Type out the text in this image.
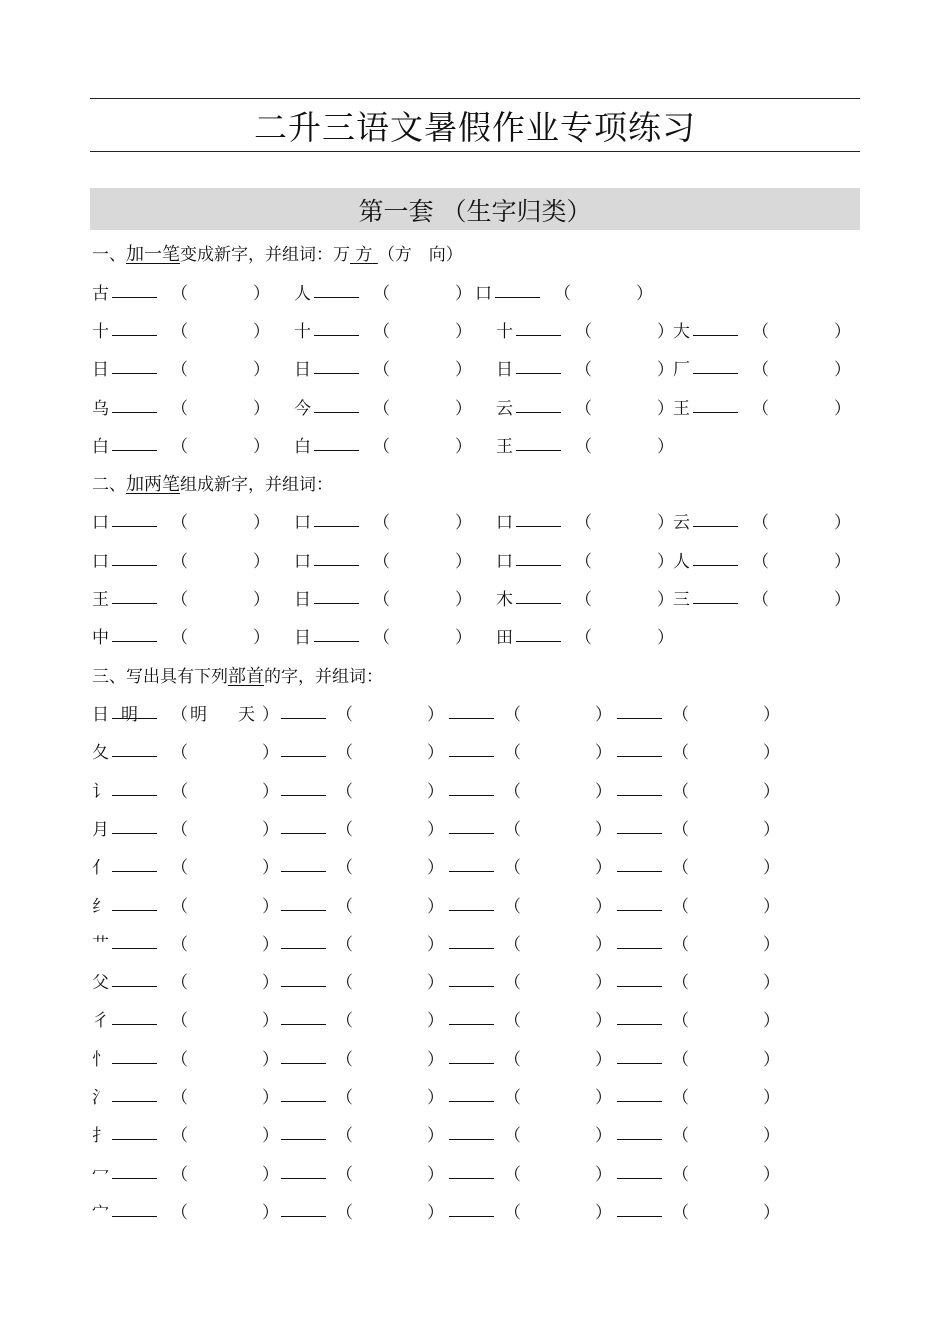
二升三语文暑假作业专项练习
第一套 （生字归类）
一、加一笔变成新字，并组词：万 方 （方　向）
古	（	） 人	（	） 口	（	）
十	（	） 十	（	） 十	（	） 大	（	）
日	（	） 日	（	） 日	（	） 厂	（	）
乌	（	） 今	（	） 云	（	） 王	（	）
白	（	） 白	（	） 王	（	）
二、加两笔组成新字，并组词：
口	（	） 口	（	） 口	（	） 云	（	）
口	（	） 口	（	） 口	（	） 人	（	）
王	（	） 日	（	） 木	（	） 三	（	）
中	（	） 日	（	） 田	（	）
三、写出具有下列部首的字，并组词：
日 明 （ 明 天 ）	（	）	（	）	（	）
夂	（	）	（	）	（	）	（	）
讠	（	）	（	）	（	）	（	）
月	（	）	（	）	（	）	（	）
亻	（	）	（	）	（	）	（	）
纟	（	）	（	）	（	）	（	）
艹	（	）	（	）	（	）	（	）
父	（	）	（	）	（	）	（	）
彳	（	）	（	）	（	）	（	）
忄	（	）	（	）	（	）	（	）
氵	（	）	（	）	（	）	（	）
扌	（	）	（	）	（	）	（	）
冖	（	）	（	）	（	）	（	）
宀	（	）	（	）	（	）	（	）
